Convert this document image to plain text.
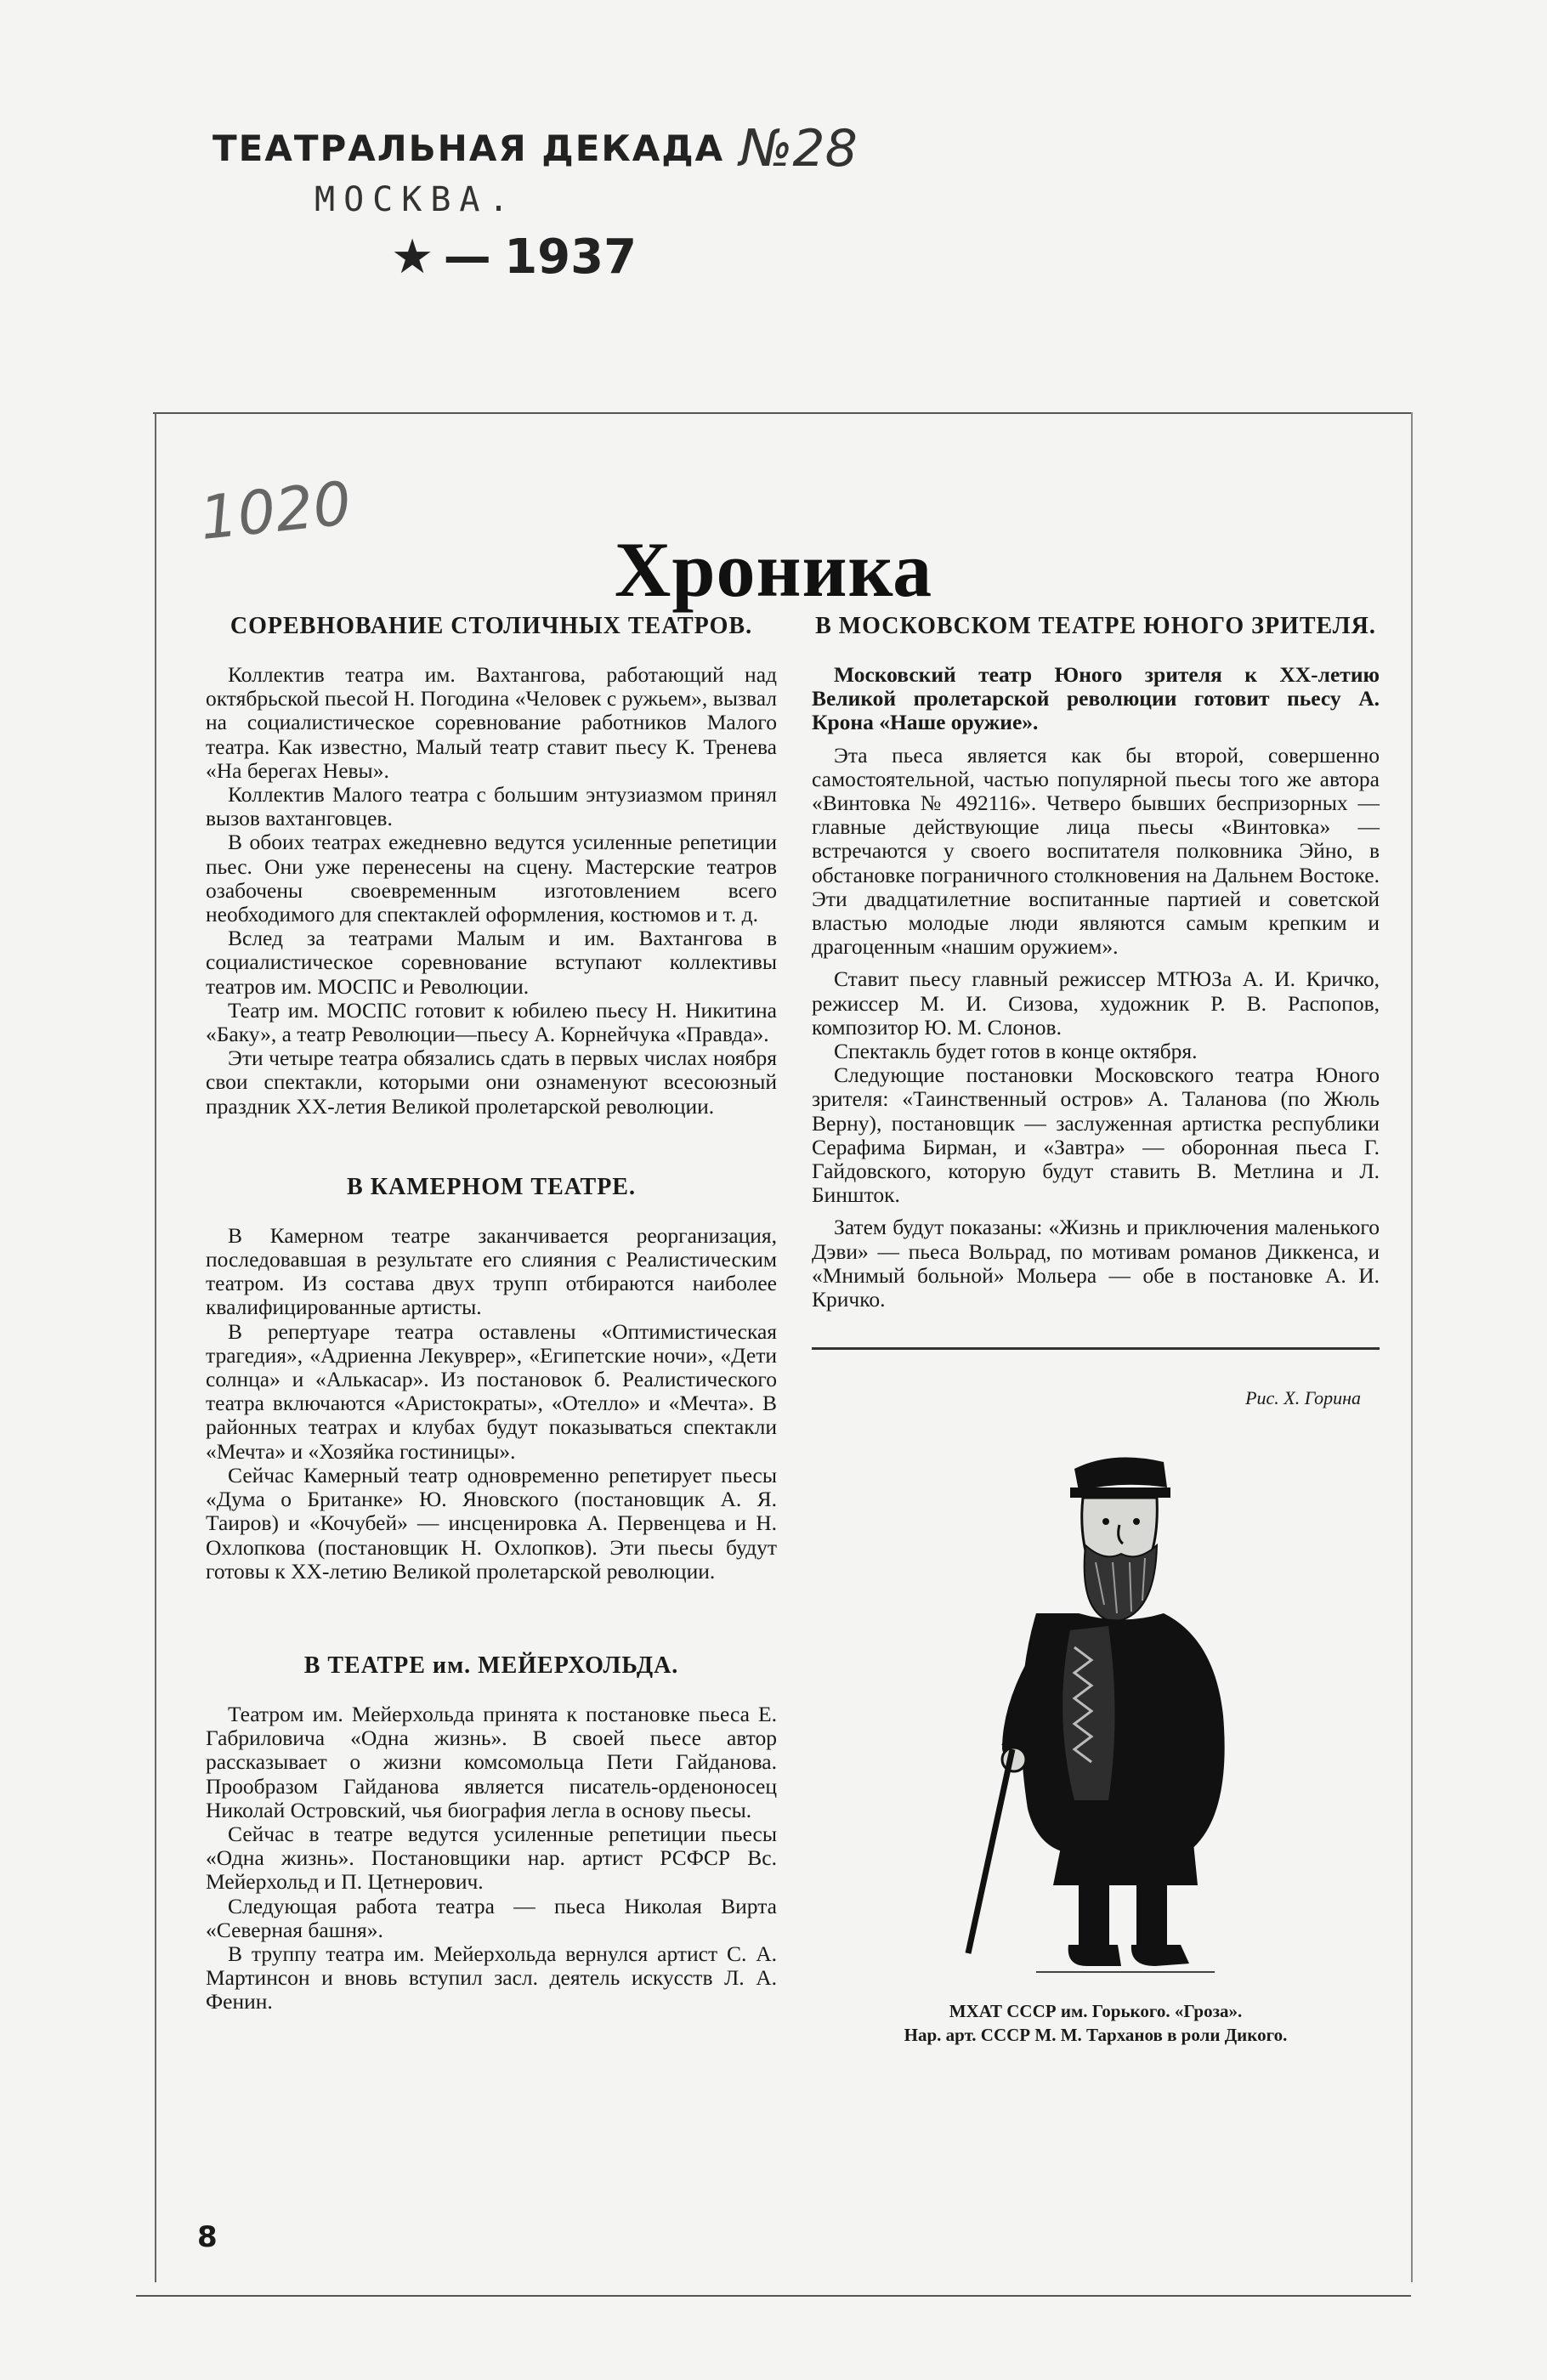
ТЕАТРАЛЬНАЯ ДЕКАДА №28
МОСКВА.
★ — 1937
1020
Хроника
СОРЕВНОВАНИЕ СТОЛИЧНЫХ ТЕАТРОВ.

Коллектив театра им. Вахтангова, работающий над октябрьской пьесой Н. Погодина «Человек с ружьем», вызвал на социалистическое соревнование работников Малого театра. Как известно, Малый театр ставит пьесу К. Тренева «На берегах Невы».

Коллектив Малого театра с большим энтузиазмом принял вызов вахтанговцев.

В обоих театрах ежедневно ведутся усиленные репетиции пьес. Они уже перенесены на сцену. Мастерские театров озабочены своевременным изготовлением всего необходимого для спектаклей оформления, костюмов и т. д.

Вслед за театрами Малым и им. Вахтангова в социалистическое соревнование вступают коллективы театров им. МОСПС и Революции.

Театр им. МОСПС готовит к юбилею пьесу Н. Никитина «Баку», а театр Революции—пьесу А. Корнейчука «Правда».

Эти четыре театра обязались сдать в первых числах ноября свои спектакли, которыми они ознаменуют всесоюзный праздник XX-летия Великой пролетарской революции.

В КАМЕРНОМ ТЕАТРЕ.

В Камерном театре заканчивается реорганизация, последовавшая в результате его слияния с Реалистическим театром. Из состава двух трупп отбираются наиболее квалифицированные артисты.

В репертуаре театра оставлены «Оптимистическая трагедия», «Адриенна Лекуврер», «Египетские ночи», «Дети солнца» и «Алькасар». Из постановок б. Реалистического театра включаются «Аристократы», «Отелло» и «Мечта». В районных театрах и клубах будут показываться спектакли «Мечта» и «Хозяйка гостиницы».

Сейчас Камерный театр одновременно репетирует пьесы «Дума о Британке» Ю. Яновского (постановщик А. Я. Таиров) и «Кочубей» — инсценировка А. Первенцева и Н. Охлопкова (постановщик Н. Охлопков). Эти пьесы будут готовы к XX-летию Великой пролетарской революции.

В ТЕАТРЕ им. МЕЙЕРХОЛЬДА.

Театром им. Мейерхольда принята к постановке пьеса Е. Габриловича «Одна жизнь». В своей пьесе автор рассказывает о жизни комсомольца Пети Гайданова. Прообразом Гайданова является писатель-орденоносец Николай Островский, чья биография легла в основу пьесы.

Сейчас в театре ведутся усиленные репетиции пьесы «Одна жизнь». Постановщики нар. артист РСФСР Вс. Мейерхольд и П. Цетнерович.

Следующая работа театра — пьеса Николая Вирта «Северная башня».

В труппу театра им. Мейерхольда вернулся артист С. А. Мартинсон и вновь вступил засл. деятель искусств Л. А. Фенин.

В МОСКОВСКОМ ТЕАТРЕ ЮНОГО ЗРИТЕЛЯ.

Московский театр Юного зрителя к XX-летию Великой пролетарской революции готовит пьесу А. Крона «Наше оружие».

Эта пьеса является как бы второй, совершенно самостоятельной, частью популярной пьесы того же автора «Винтовка № 492116». Четверо бывших беспризорных — главные действующие лица пьесы «Винтовка» — встречаются у своего воспитателя полковника Эйно, в обстановке пограничного столкновения на Дальнем Востоке. Эти двадцатилетние воспитанные партией и советской властью молодые люди являются самым крепким и драгоценным «нашим оружием».

Ставит пьесу главный режиссер МТЮЗа А. И. Кричко, режиссер М. И. Сизова, художник Р. В. Распопов, композитор Ю. М. Слонов.

Спектакль будет готов в конце октября.

Следующие постановки Московского театра Юного зрителя: «Таинственный остров» А. Таланова (по Жюль Верну), постановщик — заслуженная артистка республики Серафима Бирман, и «Завтра» — оборонная пьеса Г. Гайдовского, которую будут ставить В. Метлина и Л. Биншток.

Затем будут показаны: «Жизнь и приключения маленького Дэви» — пьеса Вольрад, по мотивам романов Диккенса, и «Мнимый больной» Мольера — обе в постановке А. И. Кричко.

Рис. Х. Горина
МХАТ СССР им. Горького. «Гроза».
Нар. арт. СССР М. М. Тарханов в роли Дикого.
8
